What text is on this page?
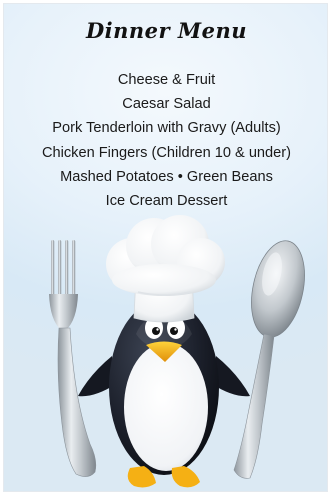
Dinner Menu
Cheese & Fruit
Caesar Salad
Pork Tenderloin with Gravy (Adults)
Chicken Fingers (Children 10 & under)
Mashed Potatoes • Green Beans
Ice Cream Dessert
